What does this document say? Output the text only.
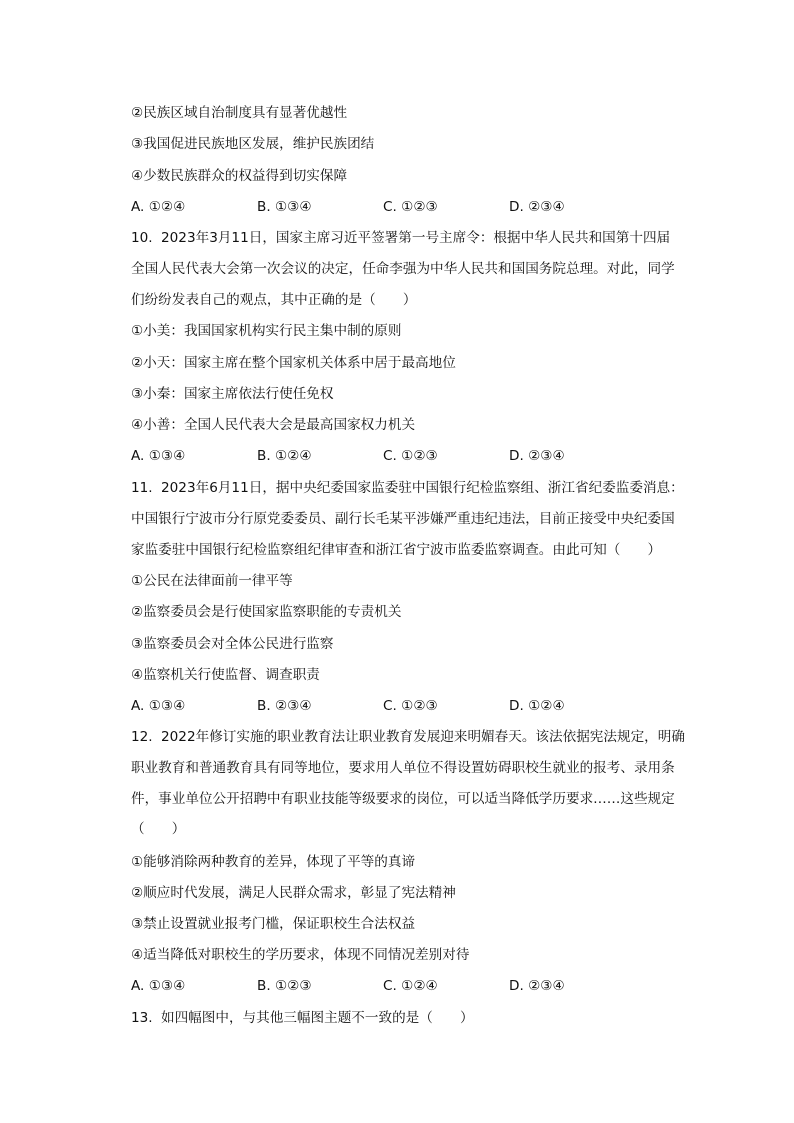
②民族区域自治制度具有显著优越性
③我国促进民族地区发展，维护民族团结
④少数民族群众的权益得到切实保障
A. ①②④	B. ①③④	C. ①②③	D. ②③④
10. 2023年3月11日，国家主席习近平签署第一号主席令：根据中华人民共和国第十四届
全国人民代表大会第一次会议的决定，任命李强为中华人民共和国国务院总理。对此，同学
们纷纷发表自己的观点，其中正确的是（　　）
①小美：我国国家机构实行民主集中制的原则
②小天：国家主席在整个国家机关体系中居于最高地位
③小秦：国家主席依法行使任免权
④小善：全国人民代表大会是最高国家权力机关
A. ①③④	B. ①②④	C. ①②③	D. ②③④
11. 2023年6月11日，据中央纪委国家监委驻中国银行纪检监察组、浙江省纪委监委消息：
中国银行宁波市分行原党委委员、副行长毛某平涉嫌严重违纪违法，目前正接受中央纪委国
家监委驻中国银行纪检监察组纪律审查和浙江省宁波市监委监察调查。由此可知（　　）
①公民在法律面前一律平等
②监察委员会是行使国家监察职能的专责机关
③监察委员会对全体公民进行监察
④监察机关行使监督、调查职责
A. ①③④	B. ②③④	C. ①②③	D. ①②④
12. 2022年修订实施的职业教育法让职业教育发展迎来明媚春天。该法依据宪法规定，明确
职业教育和普通教育具有同等地位，要求用人单位不得设置妨碍职校生就业的报考、录用条
件，事业单位公开招聘中有职业技能等级要求的岗位，可以适当降低学历要求……这些规定
（　　）
①能够消除两种教育的差异，体现了平等的真谛
②顺应时代发展，满足人民群众需求，彰显了宪法精神
③禁止设置就业报考门槛，保证职校生合法权益
④适当降低对职校生的学历要求，体现不同情况差别对待
A. ①③④	B. ①②③	C. ①②④	D. ②③④
13. 如四幅图中，与其他三幅图主题不一致的是（　　）
